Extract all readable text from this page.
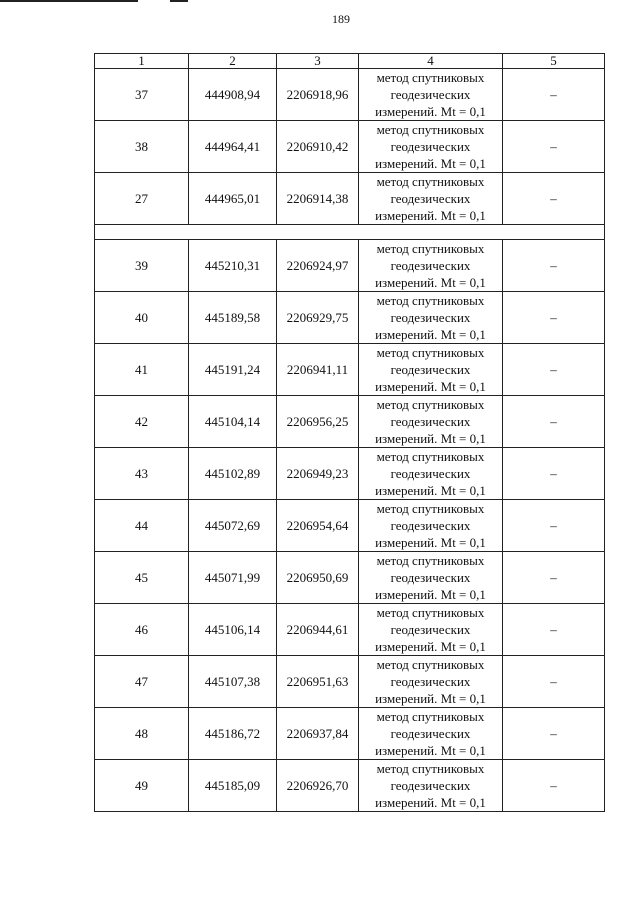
189
1	2	3	4	5
37	444908,94	2206918,96	метод спутниковых
геодезических
измерений. Mt = 0,1	–
38	444964,41	2206910,42	метод спутниковых
геодезических
измерений. Mt = 0,1	–
27	444965,01	2206914,38	метод спутниковых
геодезических
измерений. Mt = 0,1	–

39	445210,31	2206924,97	метод спутниковых
геодезических
измерений. Mt = 0,1	–
40	445189,58	2206929,75	метод спутниковых
геодезических
измерений. Mt = 0,1	–
41	445191,24	2206941,11	метод спутниковых
геодезических
измерений. Mt = 0,1	–
42	445104,14	2206956,25	метод спутниковых
геодезических
измерений. Mt = 0,1	–
43	445102,89	2206949,23	метод спутниковых
геодезических
измерений. Mt = 0,1	–
44	445072,69	2206954,64	метод спутниковых
геодезических
измерений. Mt = 0,1	–
45	445071,99	2206950,69	метод спутниковых
геодезических
измерений. Mt = 0,1	–
46	445106,14	2206944,61	метод спутниковых
геодезических
измерений. Mt = 0,1	–
47	445107,38	2206951,63	метод спутниковых
геодезических
измерений. Mt = 0,1	–
48	445186,72	2206937,84	метод спутниковых
геодезических
измерений. Mt = 0,1	–
49	445185,09	2206926,70	метод спутниковых
геодезических
измерений. Mt = 0,1	–
